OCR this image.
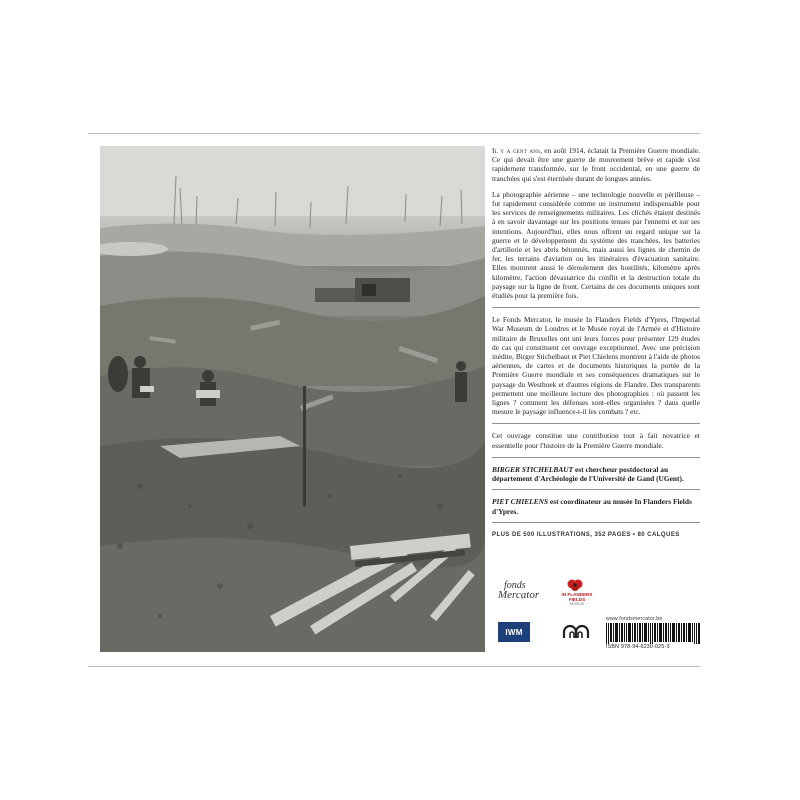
Il y a cent ans, en août 1914, éclatait la Première Guerre mondiale. Ce qui devait être une guerre de mouvement brève et rapide s'est rapidement transformée, sur le front occidental, en une guerre de tranchées qui s'est éternisée durant de longues années.

La photographie aérienne – une technologie nouvelle et périlleuse – fut rapidement considérée comme un instrument indispensable pour les services de renseignements militaires. Les clichés étaient destinés à en savoir davantage sur les positions tenues par l'ennemi et sur ses intentions. Aujourd'hui, elles nous offrent un regard unique sur la guerre et le développement du système des tranchées, les batteries d'artillerie et les abris bétonnés, mais aussi les lignes de chemin de fer, les terrains d'aviation ou les itinéraires d'évacuation sanitaire. Elles montrent aussi le déroulement des hostilités, kilomètre après kilomètre, l'action dévastatrice du conflit et la destruction totale du paysage sur la ligne de front. Certains de ces documents uniques sont étudiés pour la première fois.

Le Fonds Mercator, le musée In Flanders Fields d'Ypres, l'Imperial War Museum de Londres et le Musée royal de l'Armée et d'Histoire militaire de Bruxelles ont uni leurs forces pour présenter 129 études de cas qui constituent cet ouvrage exceptionnel. Avec une précision inédite, Birger Stichelbaut et Piet Chielens montrent à l'aide de photos aériennes, de cartes et de documents historiques la portée de la Première Guerre mondiale et ses conséquences dramatiques sur le paysage du Westhoek et d'autres régions de Flandre. Des transparents permettent une meilleure lecture des photographies : où passent les lignes ? comment les défenses sont-elles organisées ? dans quelle mesure le paysage influence-t-il les combats ? etc.

Cet ouvrage constitue une contribution tout à fait novatrice et essentielle pour l'histoire de la Première Guerre mondiale.

BIRGER STICHELBAUT est chercheur postdoctoral au département d'Archéologie de l'Université de Gand (UGent).

PIET CHIELENS est coordinateur au musée In Flanders Fields d'Ypres.

PLUS DE 500 ILLUSTRATIONS, 352 PAGES • 80 CALQUES
fonds
Mercator	IN FLANDERS FIELDS
MUSEUM
www.fondsmercator.be
IWM
ISBN 978-94-6230-025-3
